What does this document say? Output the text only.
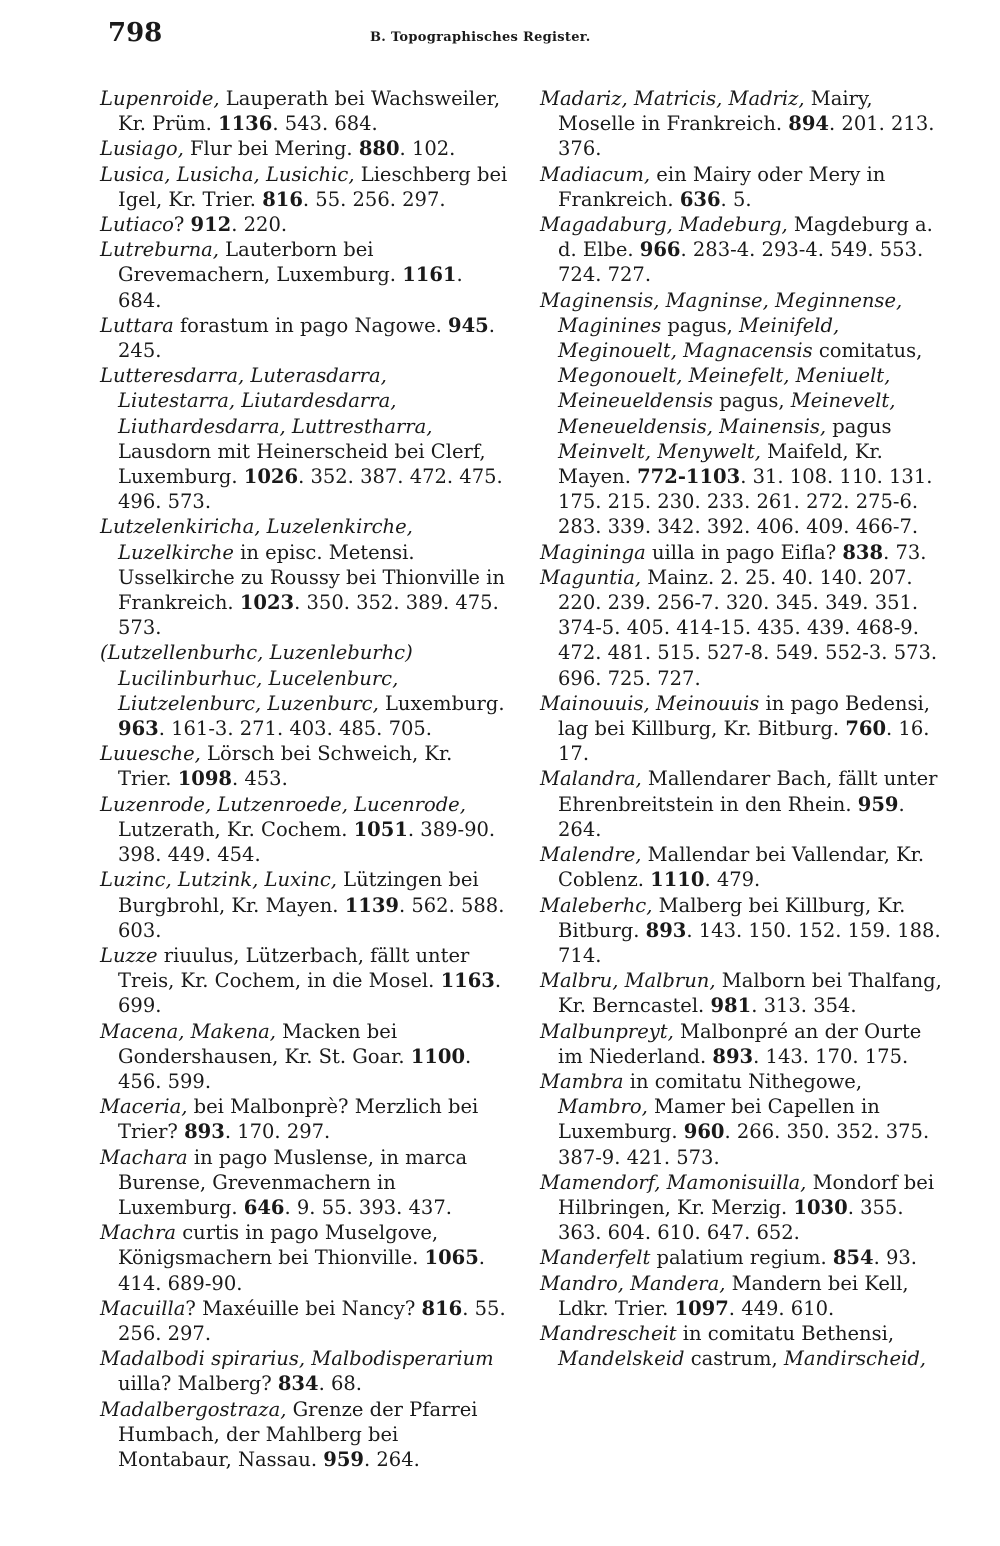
798	B. Topographisches Register.

Lupenroide, Lauperath bei Wachsweiler, Kr. Prüm. 1136. 543. 684.

Lusiago, Flur bei Mering. 880. 102.

Lusica, Lusicha, Lusichic, Lieschberg bei Igel, Kr. Trier. 816. 55. 256. 297.

Lutiaco? 912. 220.

Lutreburna, Lauterborn bei Grevemachern, Luxemburg. 1161. 684.

Luttara forastum in pago Nagowe. 945. 245.

Lutteresdarra, Luterasdarra, Liutestarra, Liutardesdarra, Liuthardesdarra, Luttrestharra, Lausdorn mit Heinerscheid bei Clerf, Luxemburg. 1026. 352. 387. 472. 475. 496. 573.

Lutzelenkiricha, Luzelenkirche, Luzelkirche in episc. Metensi. Usselkirche zu Roussy bei Thionville in Frankreich. 1023. 350. 352. 389. 475. 573.

(Lutzellenburhc, Luzenleburhc) Lucilinburhuc, Lucelenburc, Liutzelenburc, Luzenburc, Luxemburg. 963. 161-3. 271. 403. 485. 705.

Luuesche, Lörsch bei Schweich, Kr. Trier. 1098. 453.

Luzenrode, Lutzenroede, Lucenrode, Lutzerath, Kr. Cochem. 1051. 389-90. 398. 449. 454.

Luzinc, Lutzink, Luxinc, Lützingen bei Burgbrohl, Kr. Mayen. 1139. 562. 588. 603.

Luzze riuulus, Lützerbach, fällt unter Treis, Kr. Cochem, in die Mosel. 1163. 699.

Macena, Makena, Macken bei Gondershausen, Kr. St. Goar. 1100. 456. 599.

Maceria, bei Malbonprè? Merzlich bei Trier? 893. 170. 297.

Machara in pago Muslense, in marca Burense, Grevenmachern in Luxemburg. 646. 9. 55. 393. 437.

Machra curtis in pago Muselgove, Königsmachern bei Thionville. 1065. 414. 689-90.

Macuilla? Maxéuille bei Nancy? 816. 55. 256. 297.

Madalbodi spirarius, Malbodisperarium uilla? Malberg? 834. 68.

Madalbergostraza, Grenze der Pfarrei Humbach, der Mahlberg bei Montabaur, Nassau. 959. 264.

Madariz, Matricis, Madriz, Mairy, Moselle in Frankreich. 894. 201. 213. 376.

Madiacum, ein Mairy oder Mery in Frankreich. 636. 5.

Magadaburg, Madeburg, Magdeburg a. d. Elbe. 966. 283-4. 293-4. 549. 553. 724. 727.

Maginensis, Magninse, Meginnense, Maginines pagus, Meinifeld, Meginouelt, Magnacensis comitatus, Megonouelt, Meinefelt, Meniuelt, Meineueldensis pagus, Meinevelt, Meneueldensis, Mainensis, pagus Meinvelt, Menywelt, Maifeld, Kr. Mayen. 772-1103. 31. 108. 110. 131. 175. 215. 230. 233. 261. 272. 275-6. 283. 339. 342. 392. 406. 409. 466-7.

Magininga uilla in pago Eifla? 838. 73.

Maguntia, Mainz. 2. 25. 40. 140. 207. 220. 239. 256-7. 320. 345. 349. 351. 374-5. 405. 414-15. 435. 439. 468-9. 472. 481. 515. 527-8. 549. 552-3. 573. 696. 725. 727.

Mainouuis, Meinouuis in pago Bedensi, lag bei Killburg, Kr. Bitburg. 760. 16. 17.

Malandra, Mallendarer Bach, fällt unter Ehrenbreitstein in den Rhein. 959. 264.

Malendre, Mallendar bei Vallendar, Kr. Coblenz. 1110. 479.

Maleberhc, Malberg bei Killburg, Kr. Bitburg. 893. 143. 150. 152. 159. 188. 714.

Malbru, Malbrun, Malborn bei Thalfang, Kr. Berncastel. 981. 313. 354.

Malbunpreyt, Malbonpré an der Ourte im Niederland. 893. 143. 170. 175.

Mambra in comitatu Nithegowe, Mambro, Mamer bei Capellen in Luxemburg. 960. 266. 350. 352. 375. 387-9. 421. 573.

Mamendorf, Mamonisuilla, Mondorf bei Hilbringen, Kr. Merzig. 1030. 355. 363. 604. 610. 647. 652.

Manderfelt palatium regium. 854. 93.

Mandro, Mandera, Mandern bei Kell, Ldkr. Trier. 1097. 449. 610.

Mandrescheit in comitatu Bethensi, Mandelskeid castrum, Mandirscheid,
